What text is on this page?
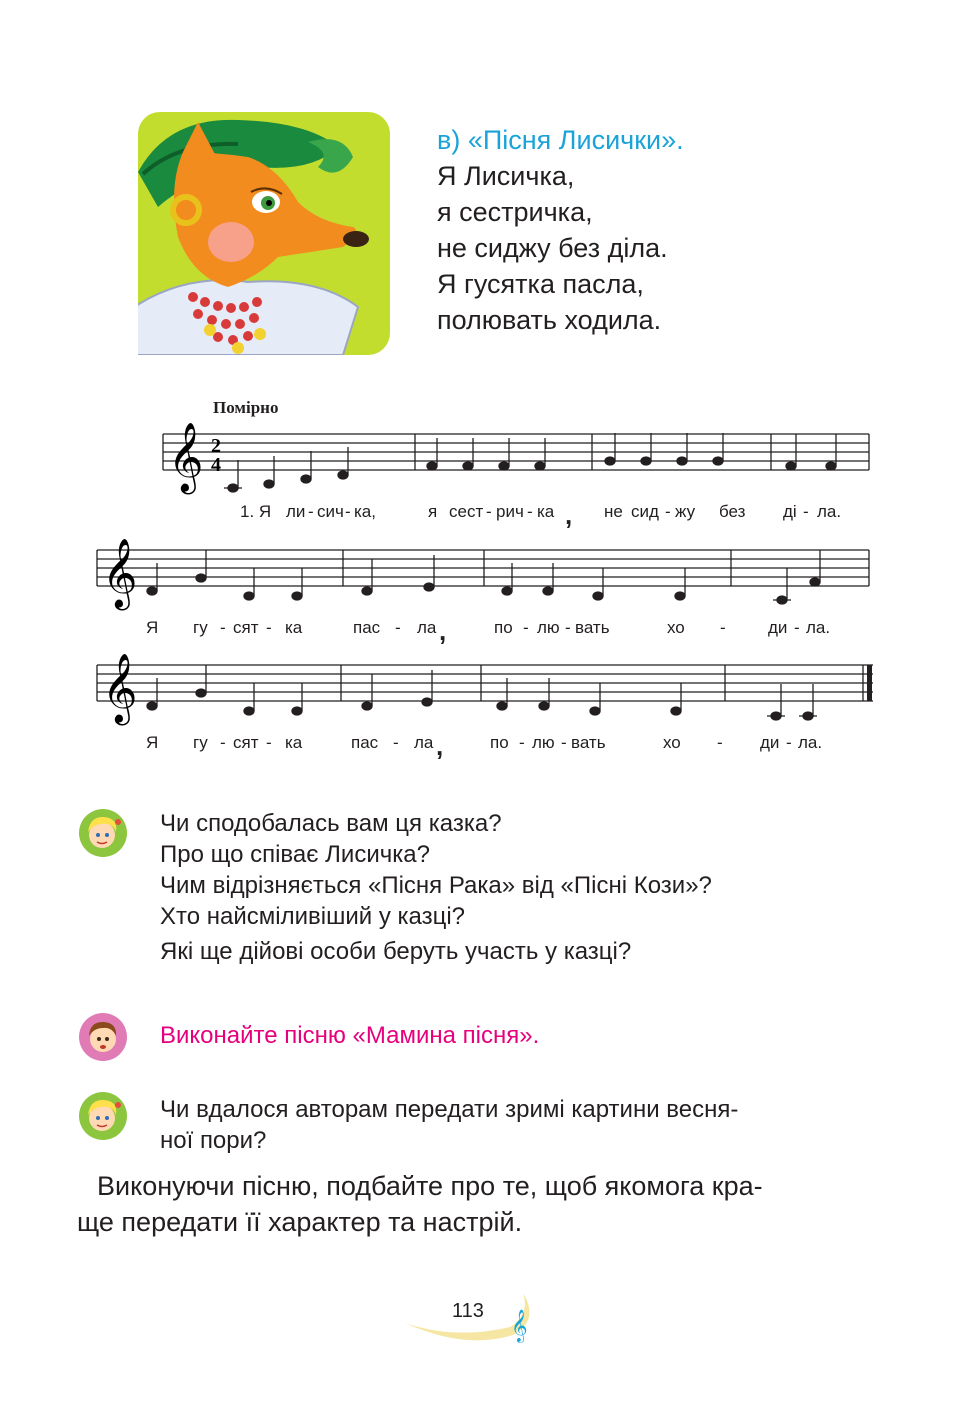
в) «Пісня Лисички».
Я Лисичка,
я сестричка,
не сиджу без діла.
Я гусятка пасла,
полювать ходила.
Помірно
𝄞 2
4
𝄞
𝄞
1. Я ли - сич - ка,	я сест - рич - ка , не сид - жу без ді - ла.
Я гу - сят - ка	пас - ла ,	по - лю - вать	хо - ди - ла.
Я гу - сят - ка	пас - ла ,	по - лю - вать	хо - ди - ла.
Чи сподобалась вам ця казка?
Про що співає Лисичка?
Чим відрізняється «Пісня Рака» від «Пісні Кози»?
Хто найсміливіший у казці?
Які ще дійові особи беруть участь у казці?
Виконайте пісню «Мамина пісня».
Чи вдалося авторам передати зримі картини весня-
ної пори?
Виконуючи пісню, подбайте про те, щоб якомога кра-
ще передати її характер та настрій.
𝄞
113
